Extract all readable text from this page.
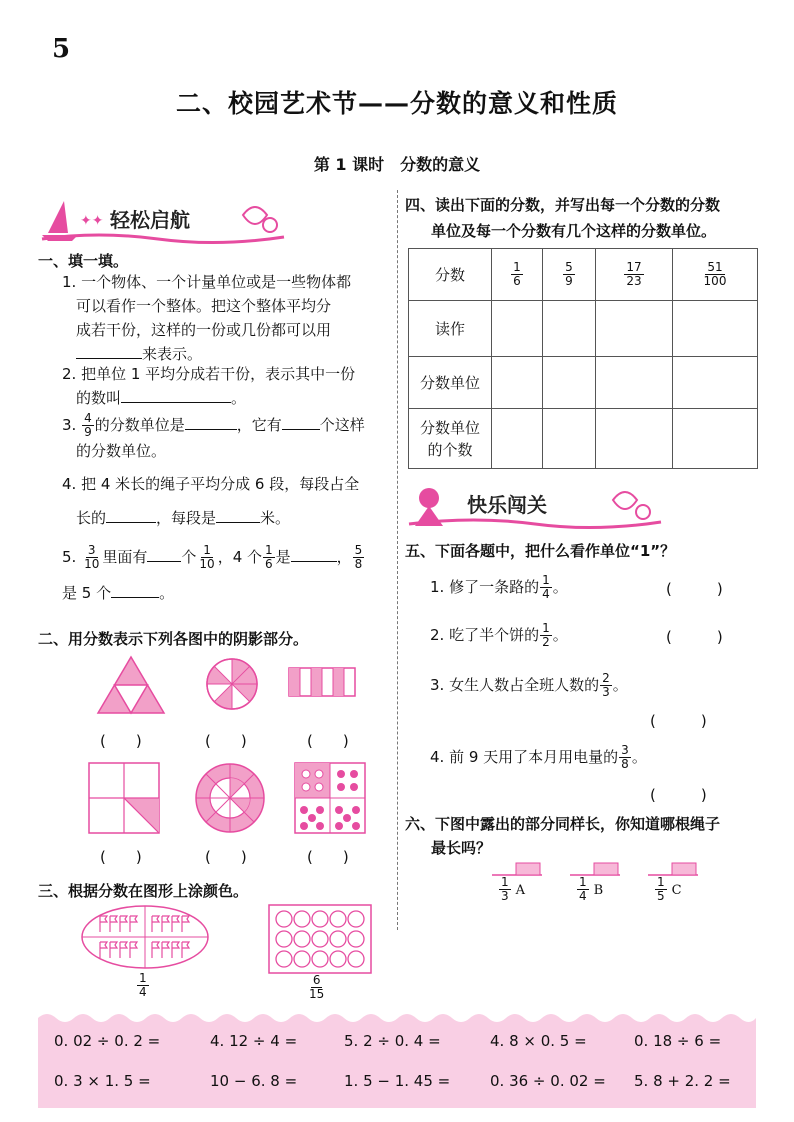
5
二、校园艺术节——分数的意义和性质
第 1 课时　分数的意义
✦✦ 轻松启航
一、填一填。
1. 一个物体、一个计量单位或是一些物体都
可以看作一个整体。把这个整体平均分
成若干份，这样的一份或几份都可以用
来表示。
2. 把单位 1 平均分成若干份，表示其中一份
的数叫	。
3. $\frac{4}{9}$ 的分数单位是	，它有	个这样
的分数单位。
4. 把 4 米长的绳子平均分成 6 段，每段占全
长的	，每段是	米。
5. $\frac{3}{10}$ 里面有 个 $\frac{1}{10}$ ，4 个 $\frac{1}{6}$ 是	， $\frac{5}{8}$
是 5 个	。
二、用分数表示下列各图中的阴影部分。
(　　)	(　　)	(　　)
(　　)	(　　)	(　　)
三、根据分数在图形上涂颜色。
$\frac{1}{4}$	$\frac{6}{15}$
四、读出下面的分数，并写出每一个分数的分数
单位及每一个分数有几个这样的分数单位。
分数	$\frac{1}{6}$	$\frac{5}{9}$	$\frac{17}{23}$	$\frac{51}{100}$

读作				
分数单位				

分数单位
的个数				

快乐闯关
五、下面各题中，把什么看作单位“1”？
1. 修了一条路的 $\frac{1}{4}$ 。	(　　　)
2. 吃了半个饼的 $\frac{1}{2}$ 。	(　　　)
3. 女生人数占全班人数的 $\frac{2}{3}$ 。
(　　　)
4. 前 9 天用了本月用电量的 $\frac{3}{8}$ 。
(　　　)
六、下图中露出的部分同样长，你知道哪根绳子
最长吗？
$\frac{1}{3}$ A	$\frac{1}{4}$ B	$\frac{1}{5}$ C
0. 02 ÷ 0. 2 =	4. 12 ÷ 4 =	5. 2 ÷ 0. 4 =	4. 8 × 0. 5 =	0. 18 ÷ 6 =
0. 3 × 1. 5 =	10 − 6. 8 =	1. 5 − 1. 45 =	0. 36 ÷ 0. 02 = 5. 8 + 2. 2 =
